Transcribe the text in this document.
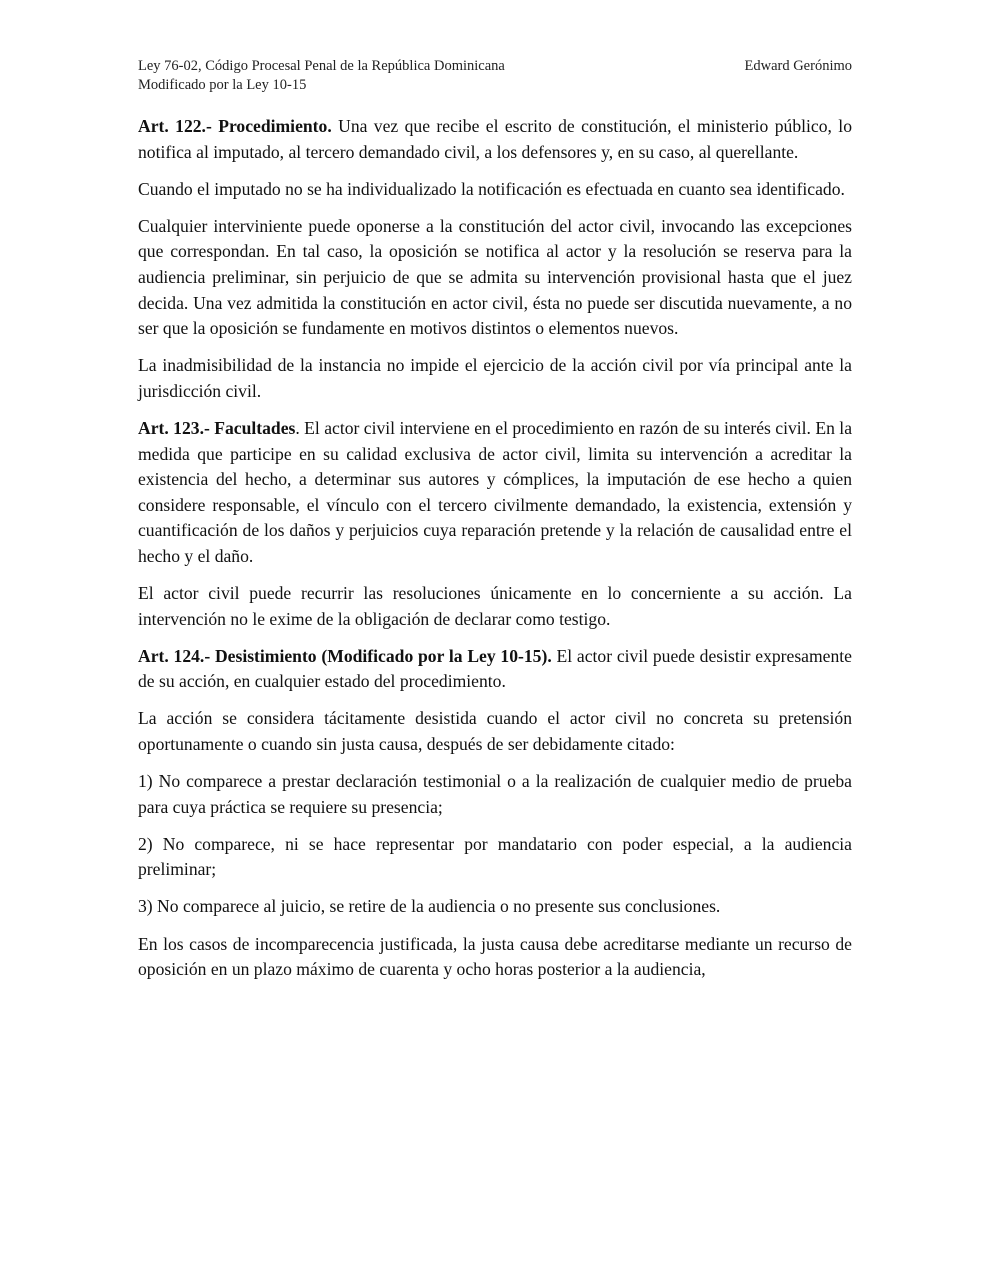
Ley 76-02, Código Procesal Penal de la República Dominicana	Edward Gerónimo
Modificado por la Ley 10-15

Art. 122.- Procedimiento. Una vez que recibe el escrito de constitución, el ministerio público, lo notifica al imputado, al tercero demandado civil, a los defensores y, en su caso, al querellante.

Cuando el imputado no se ha individualizado la notificación es efectuada en cuanto sea identificado.

Cualquier interviniente puede oponerse a la constitución del actor civil, invocando las excepciones que correspondan. En tal caso, la oposición se notifica al actor y la resolución se reserva para la audiencia preliminar, sin perjuicio de que se admita su intervención provisional hasta que el juez decida. Una vez admitida la constitución en actor civil, ésta no puede ser discutida nuevamente, a no ser que la oposición se fundamente en motivos distintos o elementos nuevos.

La inadmisibilidad de la instancia no impide el ejercicio de la acción civil por vía principal ante la jurisdicción civil.

Art. 123.- Facultades. El actor civil interviene en el procedimiento en razón de su interés civil. En la medida que participe en su calidad exclusiva de actor civil, limita su intervención a acreditar la existencia del hecho, a determinar sus autores y cómplices, la imputación de ese hecho a quien considere responsable, el vínculo con el tercero civilmente demandado, la existencia, extensión y cuantificación de los daños y perjuicios cuya reparación pretende y la relación de causalidad entre el hecho y el daño.

El actor civil puede recurrir las resoluciones únicamente en lo concerniente a su acción. La intervención no le exime de la obligación de declarar como testigo.

Art. 124.- Desistimiento (Modificado por la Ley 10-15). El actor civil puede desistir expresamente de su acción, en cualquier estado del procedimiento.

La acción se considera tácitamente desistida cuando el actor civil no concreta su pretensión oportunamente o cuando sin justa causa, después de ser debidamente citado:

1) No comparece a prestar declaración testimonial o a la realización de cualquier medio de prueba para cuya práctica se requiere su presencia;

2) No comparece, ni se hace representar por mandatario con poder especial, a la audiencia preliminar;

3) No comparece al juicio, se retire de la audiencia o no presente sus conclusiones.

En los casos de incomparecencia justificada, la justa causa debe acreditarse mediante un recurso de oposición en un plazo máximo de cuarenta y ocho horas posterior a la audiencia,
